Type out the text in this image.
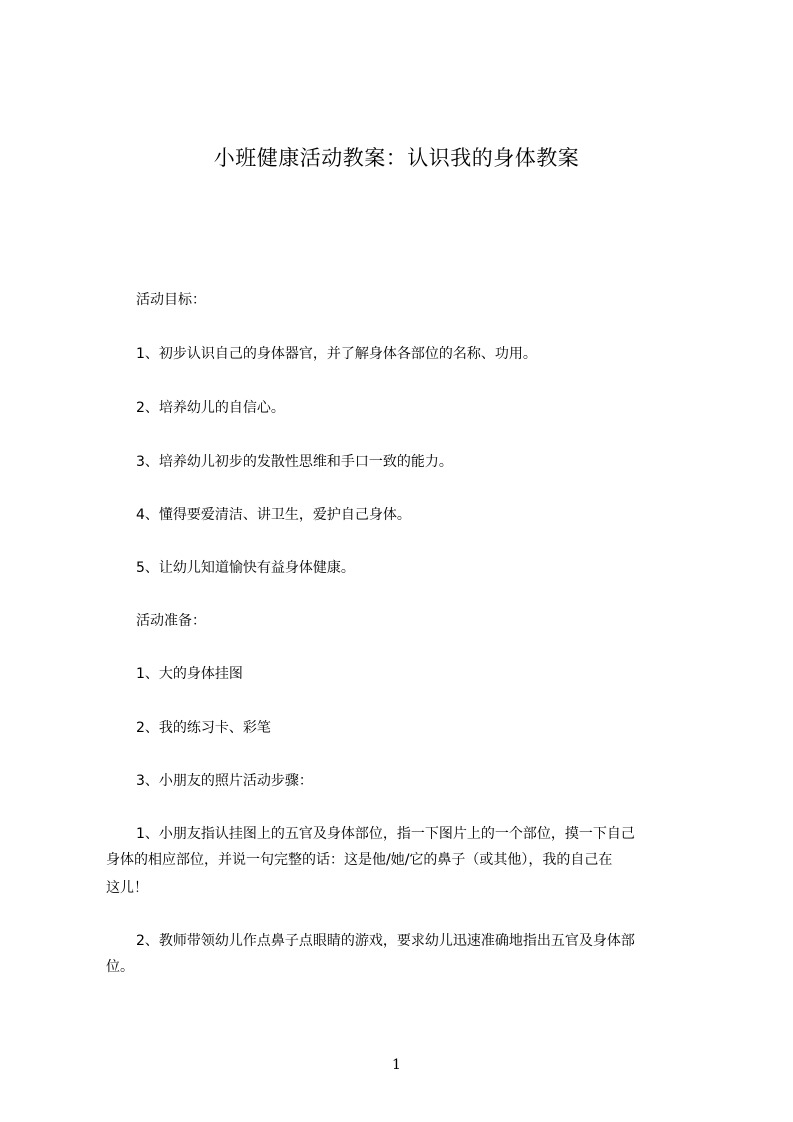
小班健康活动教案：认识我的身体教案
活动目标：
1、初步认识自己的身体器官，并了解身体各部位的名称、功用。
2、培养幼儿的自信心。
3、培养幼儿初步的发散性思维和手口一致的能力。
4、懂得要爱清洁、讲卫生，爱护自己身体。
5、让幼儿知道愉快有益身体健康。
活动准备：
1、大的身体挂图
2、我的练习卡、彩笔
3、小朋友的照片活动步骤：
1、小朋友指认挂图上的五官及身体部位，指一下图片上的一个部位，摸一下自己
身体的相应部位，并说一句完整的话：这是他/她/它的鼻子（或其他），我的自己在
这儿！
2、教师带领幼儿作点鼻子点眼睛的游戏，要求幼儿迅速准确地指出五官及身体部
位。
1
